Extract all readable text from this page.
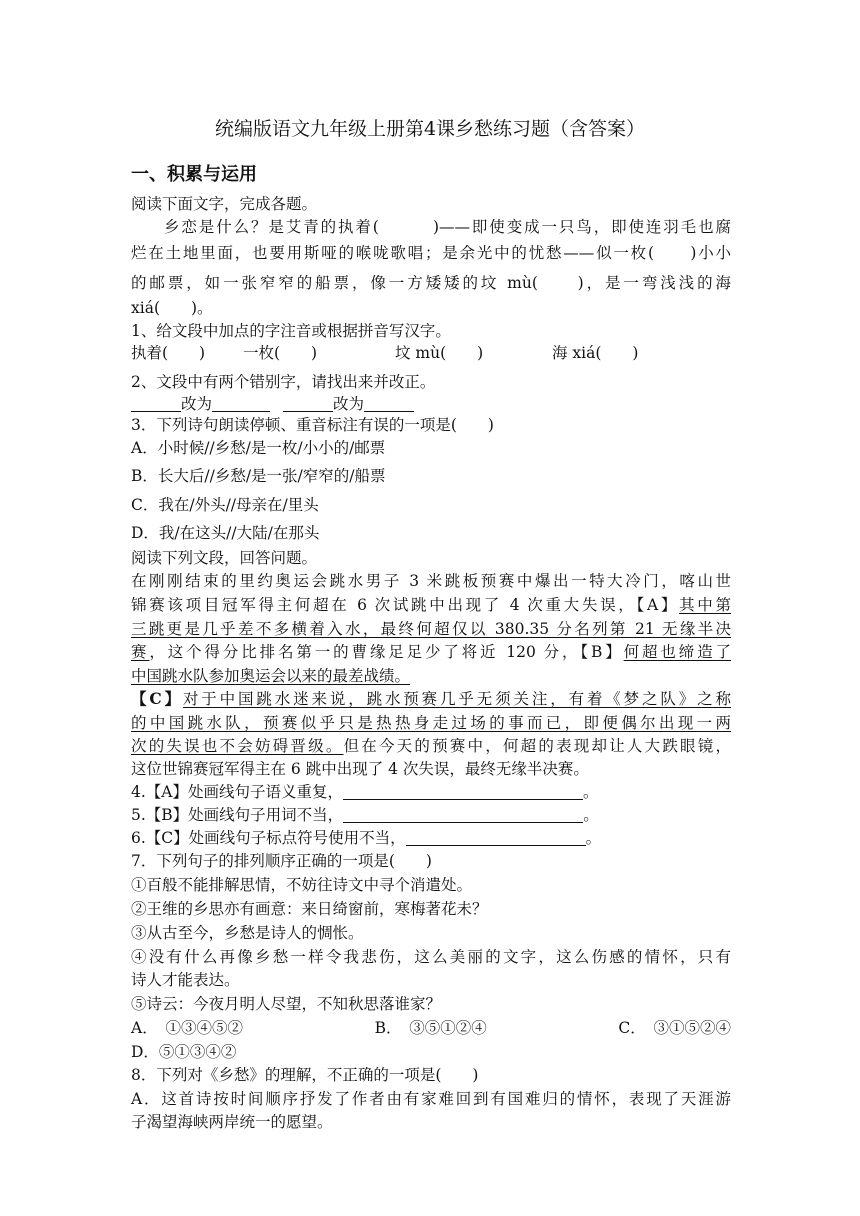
统编版语文九年级上册第4课乡愁练习题（含答案）
一、积累与运用
阅读下面文字，完成各题。
乡恋是什么？是艾青的执着(　　　)——即使变成一只鸟，即使连羽毛也腐
烂在土地里面，也要用斯哑的喉咙歌唱；是余光中的忧愁——似一枚(　　)小小
的邮票，如一张窄窄的船票，像一方矮矮的坟 mù(　　)，是一弯浅浅的海
xiá(　　)。
1、给文段中加点的字注音或根据拼音写汉字。
执着(　　) 一枚(　　)	坟 mù(　　)	海 xiá(　　)
2、文段中有两个错别字，请找出来并改正。
改为	改为
3．下列诗句朗读停顿、重音标注有误的一项是(　　)
A．小时候//乡愁/是一枚/小小的/邮票
B．长大后//乡愁/是一张/窄窄的/船票
C．我在/外头//母亲在/里头
D．我/在这头//大陆/在那头
阅读下列文段，回答问题。
在刚刚结束的里约奥运会跳水男子 3 米跳板预赛中爆出一特大冷门，喀山世
锦赛该项目冠军得主何超在 6 次试跳中出现了 4 次重大失误，【A】其中第
三跳更是几乎差不多横着入水，最终何超仅以 380.35 分名列第 21 无缘半决
赛，这个得分比排名第一的曹缘足足少了将近 120 分，【B】何超也缔造了
中国跳水队参加奥运会以来的最差战绩。
【C】对于中国跳水迷来说，跳水预赛几乎无须关注，有着《梦之队》之称
的中国跳水队，预赛似乎只是热热身走过场的事而已，即便偶尔出现一两
次的失误也不会妨碍晋级。但在今天的预赛中，何超的表现却让人大跌眼镜，
这位世锦赛冠军得主在 6 跳中出现了 4 次失误，最终无缘半决赛。
4.【A】处画线句子语义重复，	。
5.【B】处画线句子用词不当，	。
6.【C】处画线句子标点符号使用不当，	。
7．下列句子的排列顺序正确的一项是(　　)
①百般不能排解思情，不妨往诗文中寻个消遣处。
②王维的乡思亦有画意：来日绮窗前，寒梅著花未？
③从古至今，乡愁是诗人的惆怅。
④没有什么再像乡愁一样令我悲伤，这么美丽的文字，这么伤感的情怀，只有
诗人才能表达。
⑤诗云：今夜月明人尽望，不知秋思落谁家？
A．　①③④⑤②	B．　③⑤①②④	C．　③①⑤②④
D．⑤①③④②
8．下列对《乡愁》的理解，不正确的一项是(　　)
A．这首诗按时间顺序抒发了作者由有家难回到有国难归的情怀，表现了天涯游
子渴望海峡两岸统一的愿望。
